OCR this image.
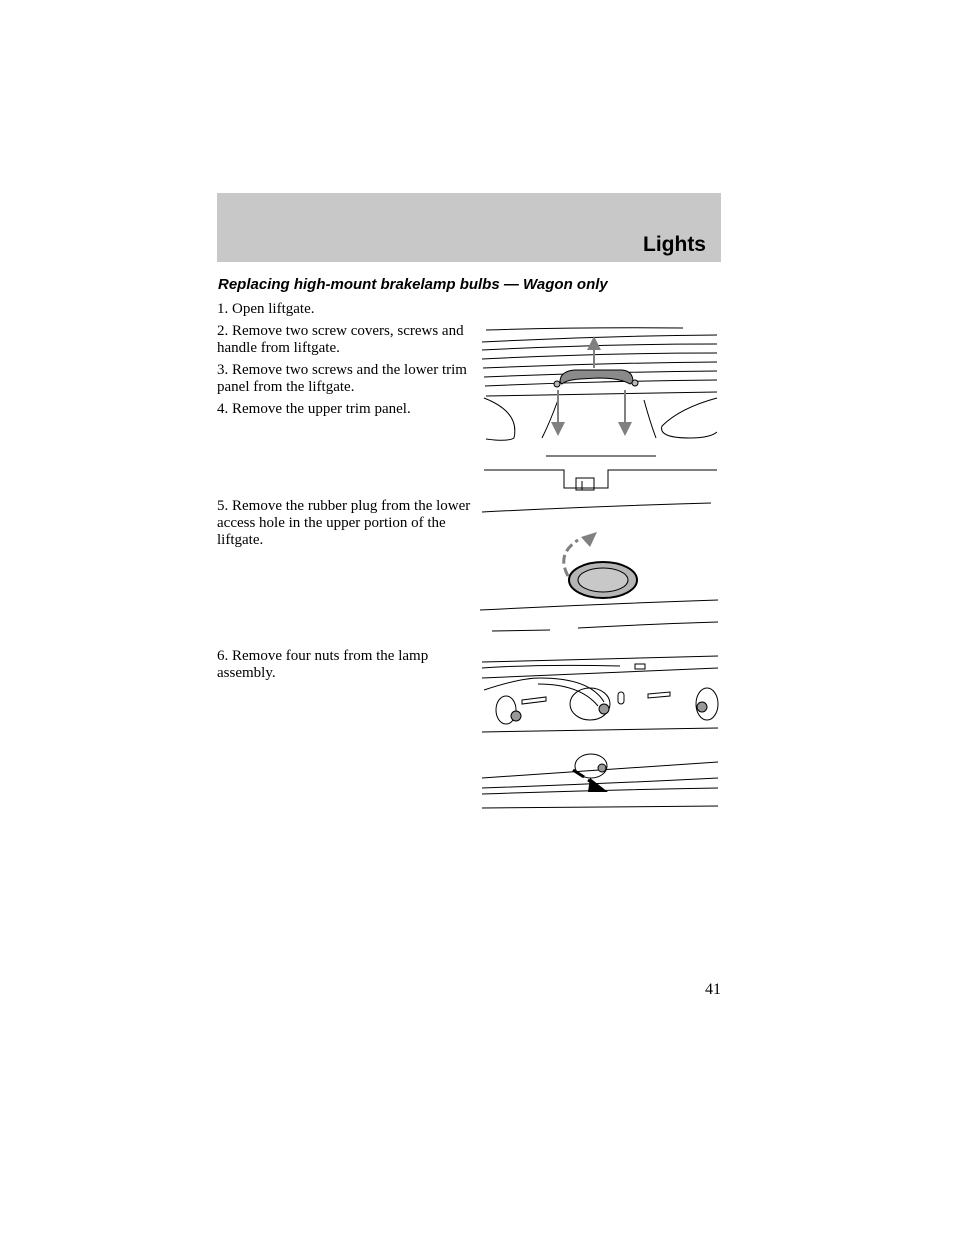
Lights
Replacing high-mount brakelamp bulbs — Wagon only
1. Open liftgate.
2. Remove two screw covers, screws and handle from liftgate.
3. Remove two screws and the lower trim panel from the liftgate.
4. Remove the upper trim panel.
5. Remove the rubber plug from the lower access hole in the upper portion of the liftgate.
6. Remove four nuts from the lamp assembly.
41
